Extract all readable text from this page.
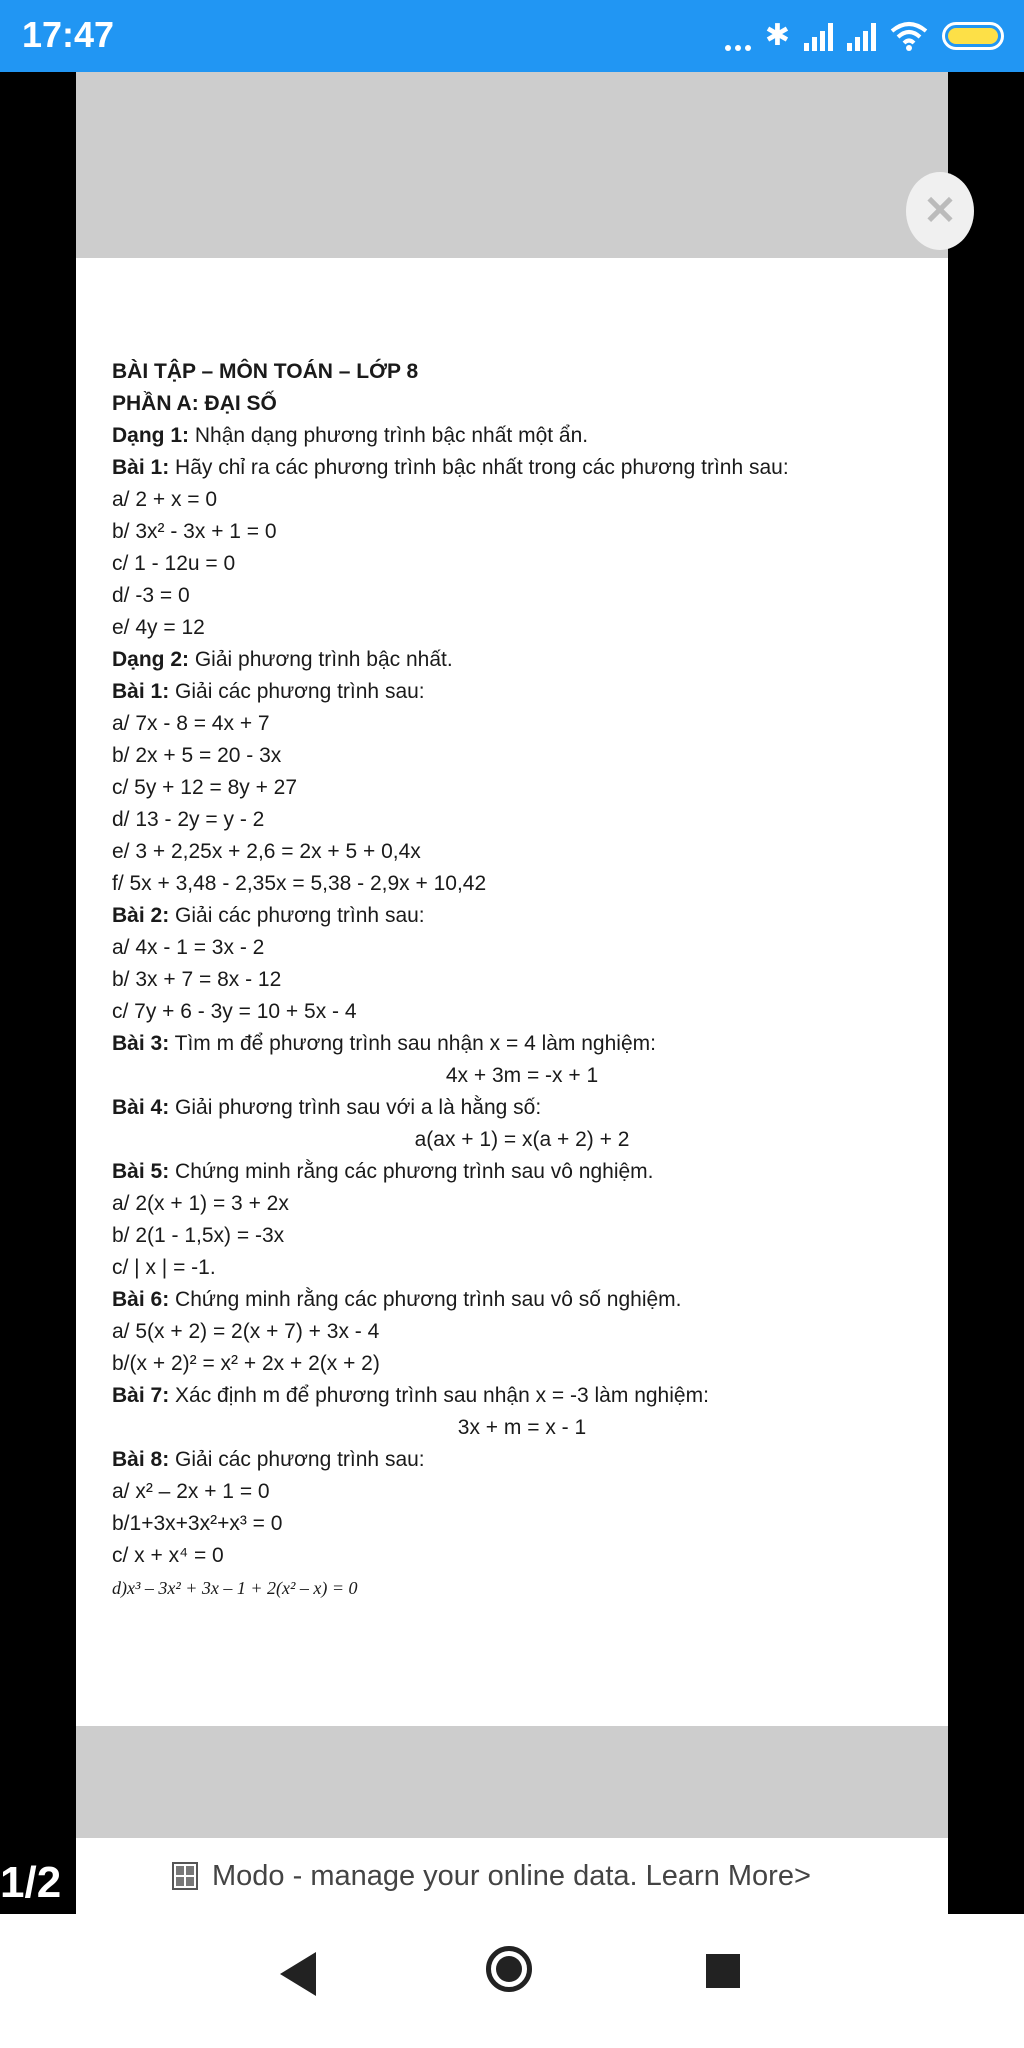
17:47	✱
✕
BÀI TẬP – MÔN TOÁN – LỚP 8
PHẦN A: ĐẠI SỐ
Dạng 1: Nhận dạng phương trình bậc nhất một ẩn.
Bài 1: Hãy chỉ ra các phương trình bậc nhất trong các phương trình sau:
a/ 2 + x = 0
b/ 3x² - 3x + 1 = 0
c/ 1 - 12u = 0
d/ -3 = 0
e/ 4y = 12
Dạng 2: Giải phương trình bậc nhất.
Bài 1: Giải các phương trình sau:
a/ 7x - 8 = 4x + 7
b/ 2x + 5 = 20 - 3x
c/ 5y + 12 = 8y + 27
d/ 13 - 2y = y - 2
e/ 3 + 2,25x + 2,6 = 2x + 5 + 0,4x
f/ 5x + 3,48 - 2,35x = 5,38 - 2,9x + 10,42
Bài 2: Giải các phương trình sau:
a/ 4x - 1 = 3x - 2
b/ 3x + 7 = 8x - 12
c/ 7y + 6 - 3y = 10 + 5x - 4
Bài 3: Tìm m để phương trình sau nhận x = 4 làm nghiệm:
4x + 3m = -x + 1
Bài 4: Giải phương trình sau với a là hằng số:
a(ax + 1) = x(a + 2) + 2
Bài 5: Chứng minh rằng các phương trình sau vô nghiệm.
a/ 2(x + 1) = 3 + 2x
b/ 2(1 - 1,5x) = -3x
c/ | x | = -1.
Bài 6: Chứng minh rằng các phương trình sau vô số nghiệm.
a/ 5(x + 2) = 2(x + 7) + 3x - 4
b/(x + 2)² = x² + 2x + 2(x + 2)
Bài 7: Xác định m để phương trình sau nhận x = -3 làm nghiệm:
3x + m = x - 1
Bài 8: Giải các phương trình sau:
a/ x² – 2x + 1 = 0
b/1+3x+3x²+x³ = 0
c/ x + x⁴ = 0
d)x³ – 3x² + 3x – 1 + 2(x² – x) = 0
1/2	Modo - manage your online data. Learn More>
